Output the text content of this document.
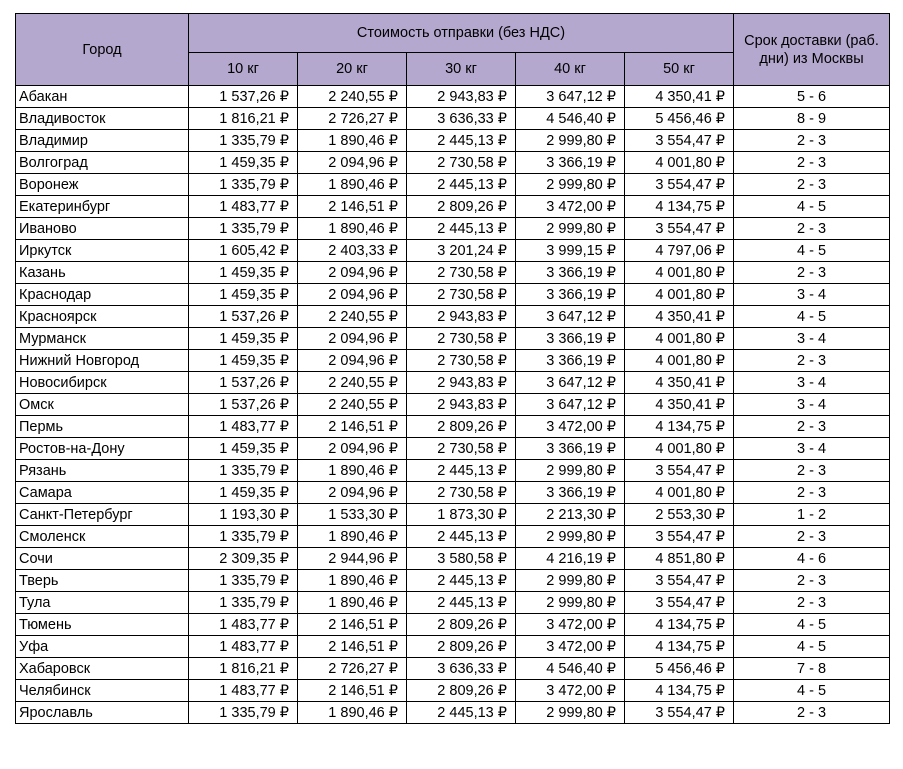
Город	Стоимость отправки (без НДС)					Срок доставки (раб. дни) из Москвы
	10 кг	20 кг	30 кг	40 кг	50 кг	
Абакан	1 537,26 ₽	2 240,55 ₽	2 943,83 ₽	3 647,12 ₽	4 350,41 ₽	5 - 6
Владивосток	1 816,21 ₽	2 726,27 ₽	3 636,33 ₽	4 546,40 ₽	5 456,46 ₽	8 - 9
Владимир	1 335,79 ₽	1 890,46 ₽	2 445,13 ₽	2 999,80 ₽	3 554,47 ₽	2 - 3
Волгоград	1 459,35 ₽	2 094,96 ₽	2 730,58 ₽	3 366,19 ₽	4 001,80 ₽	2 - 3
Воронеж	1 335,79 ₽	1 890,46 ₽	2 445,13 ₽	2 999,80 ₽	3 554,47 ₽	2 - 3
Екатеринбург	1 483,77 ₽	2 146,51 ₽	2 809,26 ₽	3 472,00 ₽	4 134,75 ₽	4 - 5
Иваново	1 335,79 ₽	1 890,46 ₽	2 445,13 ₽	2 999,80 ₽	3 554,47 ₽	2 - 3
Иркутск	1 605,42 ₽	2 403,33 ₽	3 201,24 ₽	3 999,15 ₽	4 797,06 ₽	4 - 5
Казань	1 459,35 ₽	2 094,96 ₽	2 730,58 ₽	3 366,19 ₽	4 001,80 ₽	2 - 3
Краснодар	1 459,35 ₽	2 094,96 ₽	2 730,58 ₽	3 366,19 ₽	4 001,80 ₽	3 - 4
Красноярск	1 537,26 ₽	2 240,55 ₽	2 943,83 ₽	3 647,12 ₽	4 350,41 ₽	4 - 5
Мурманск	1 459,35 ₽	2 094,96 ₽	2 730,58 ₽	3 366,19 ₽	4 001,80 ₽	3 - 4
Нижний Новгород	1 459,35 ₽	2 094,96 ₽	2 730,58 ₽	3 366,19 ₽	4 001,80 ₽	2 - 3
Новосибирск	1 537,26 ₽	2 240,55 ₽	2 943,83 ₽	3 647,12 ₽	4 350,41 ₽	3 - 4
Омск	1 537,26 ₽	2 240,55 ₽	2 943,83 ₽	3 647,12 ₽	4 350,41 ₽	3 - 4
Пермь	1 483,77 ₽	2 146,51 ₽	2 809,26 ₽	3 472,00 ₽	4 134,75 ₽	2 - 3
Ростов-на-Дону	1 459,35 ₽	2 094,96 ₽	2 730,58 ₽	3 366,19 ₽	4 001,80 ₽	3 - 4
Рязань	1 335,79 ₽	1 890,46 ₽	2 445,13 ₽	2 999,80 ₽	3 554,47 ₽	2 - 3
Самара	1 459,35 ₽	2 094,96 ₽	2 730,58 ₽	3 366,19 ₽	4 001,80 ₽	2 - 3
Санкт-Петербург	1 193,30 ₽	1 533,30 ₽	1 873,30 ₽	2 213,30 ₽	2 553,30 ₽	1 - 2
Смоленск	1 335,79 ₽	1 890,46 ₽	2 445,13 ₽	2 999,80 ₽	3 554,47 ₽	2 - 3
Сочи	2 309,35 ₽	2 944,96 ₽	3 580,58 ₽	4 216,19 ₽	4 851,80 ₽	4 - 6
Тверь	1 335,79 ₽	1 890,46 ₽	2 445,13 ₽	2 999,80 ₽	3 554,47 ₽	2 - 3
Тула	1 335,79 ₽	1 890,46 ₽	2 445,13 ₽	2 999,80 ₽	3 554,47 ₽	2 - 3
Тюмень	1 483,77 ₽	2 146,51 ₽	2 809,26 ₽	3 472,00 ₽	4 134,75 ₽	4 - 5
Уфа	1 483,77 ₽	2 146,51 ₽	2 809,26 ₽	3 472,00 ₽	4 134,75 ₽	4 - 5
Хабаровск	1 816,21 ₽	2 726,27 ₽	3 636,33 ₽	4 546,40 ₽	5 456,46 ₽	7 - 8
Челябинск	1 483,77 ₽	2 146,51 ₽	2 809,26 ₽	3 472,00 ₽	4 134,75 ₽	4 - 5
Ярославль	1 335,79 ₽	1 890,46 ₽	2 445,13 ₽	2 999,80 ₽	3 554,47 ₽	2 - 3
